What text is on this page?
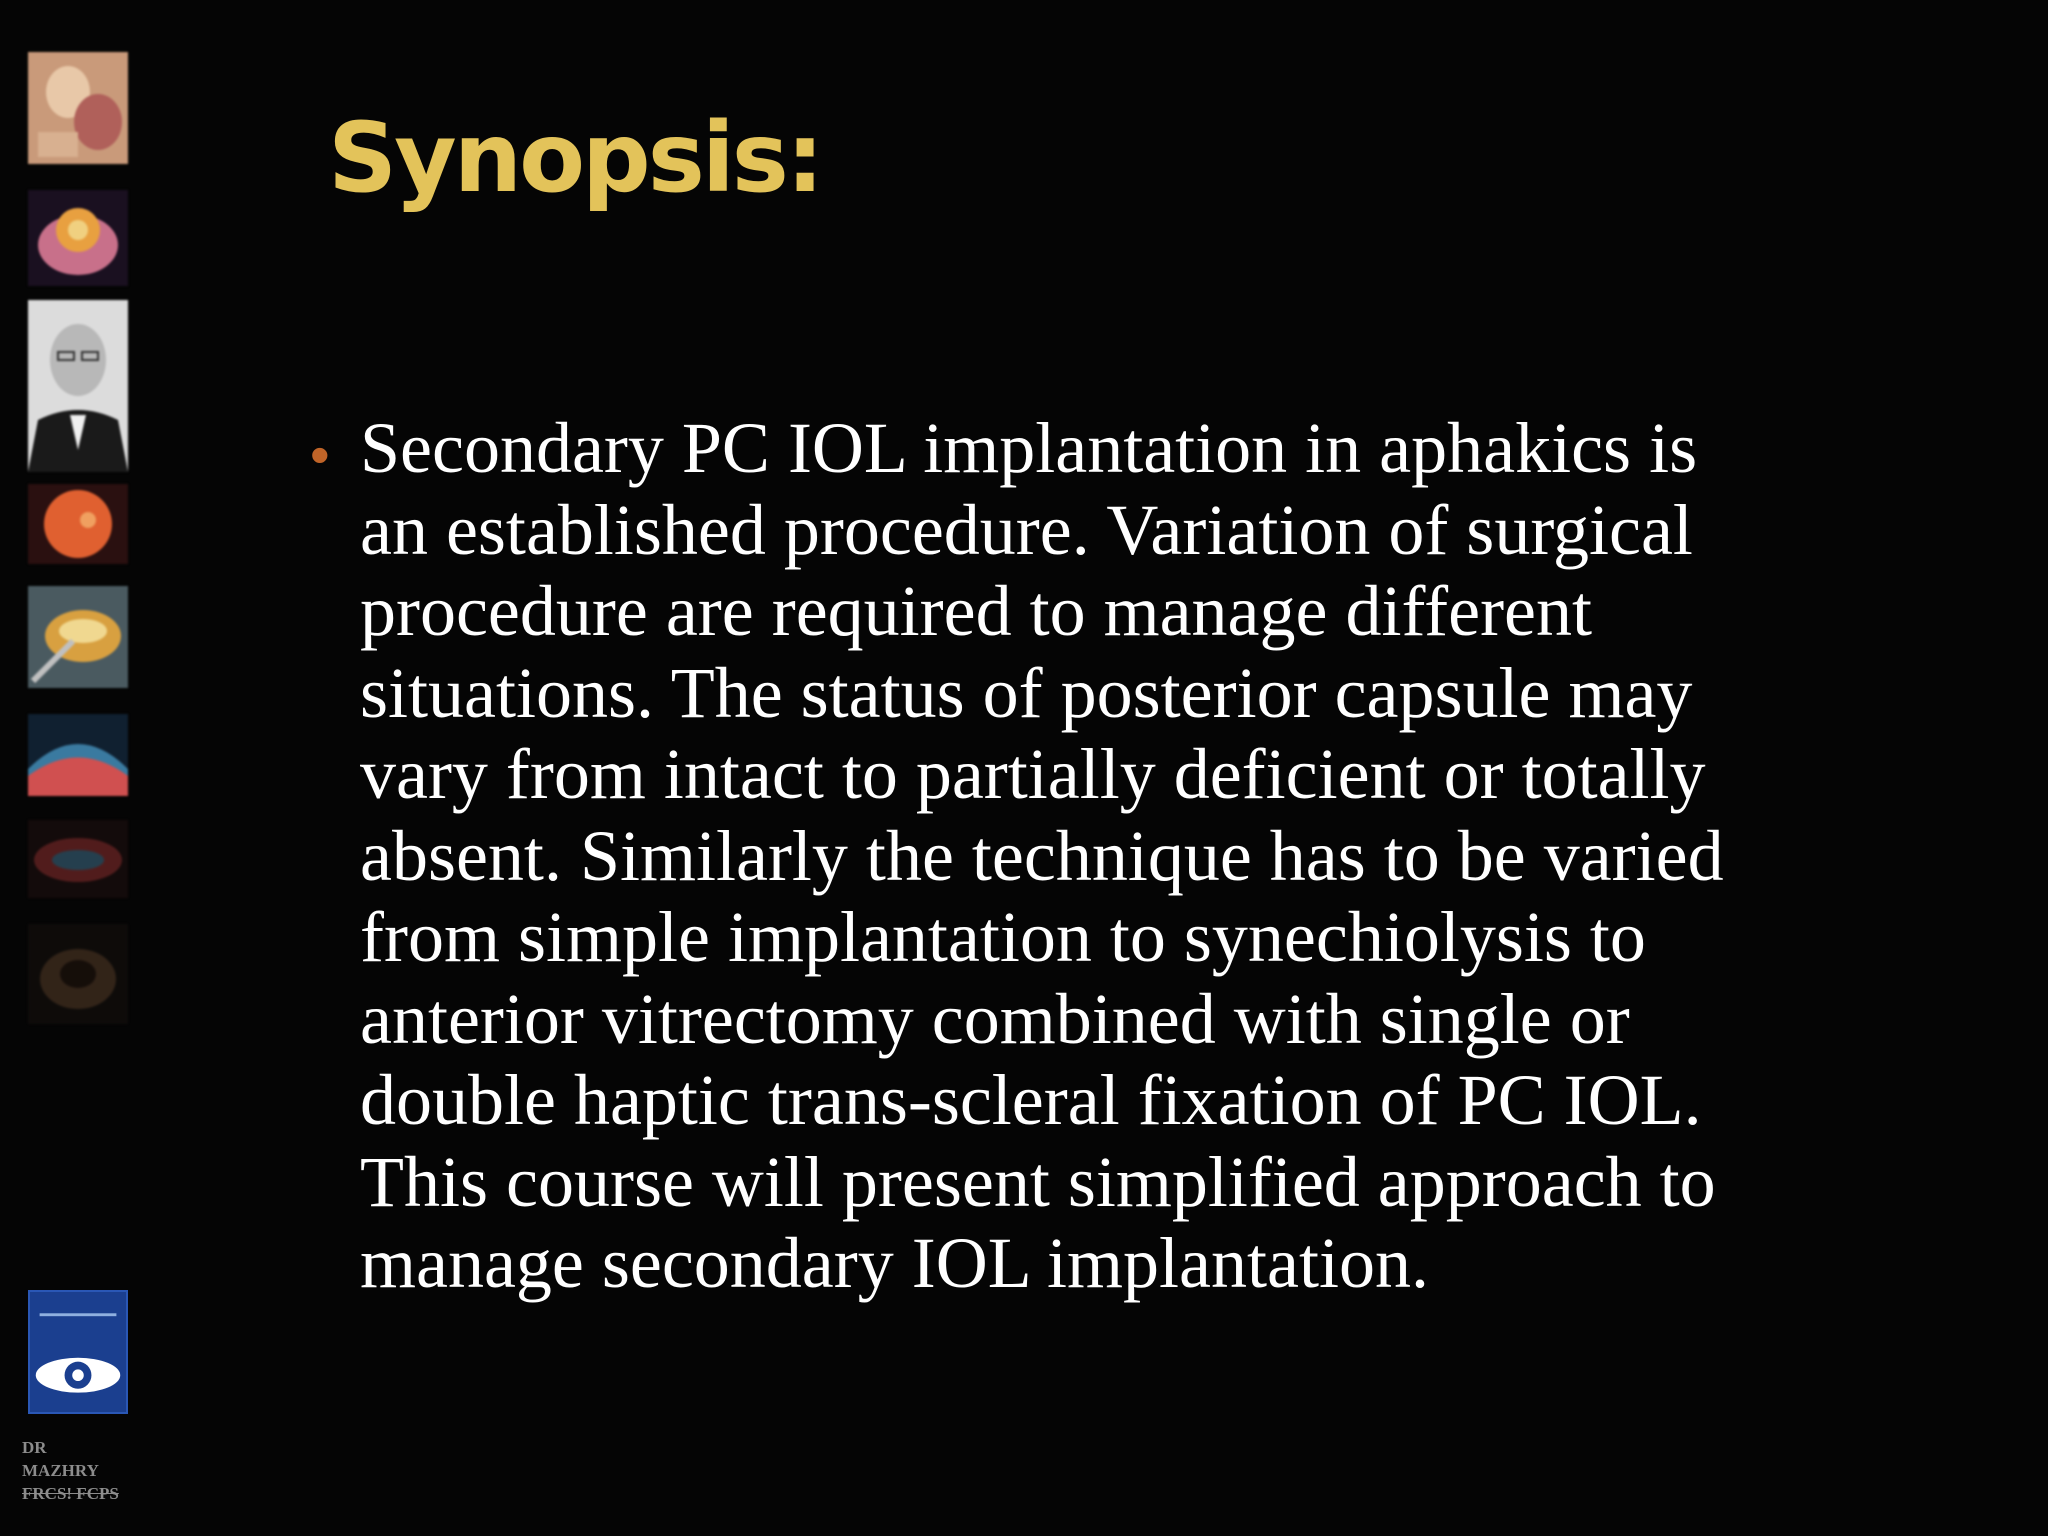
DR
MAZHRY
FRCS! FCPS
Synopsis:
• Secondary PC IOL implantation in aphakics is
an established procedure. Variation of surgical
procedure are required to manage different
situations. The status of posterior capsule may
vary from intact to partially deficient or totally
absent. Similarly the technique has to be varied
from simple implantation to synechiolysis to
anterior vitrectomy combined with single or
double haptic trans-scleral fixation of PC IOL.
This course will present simplified approach to
manage secondary IOL implantation.
